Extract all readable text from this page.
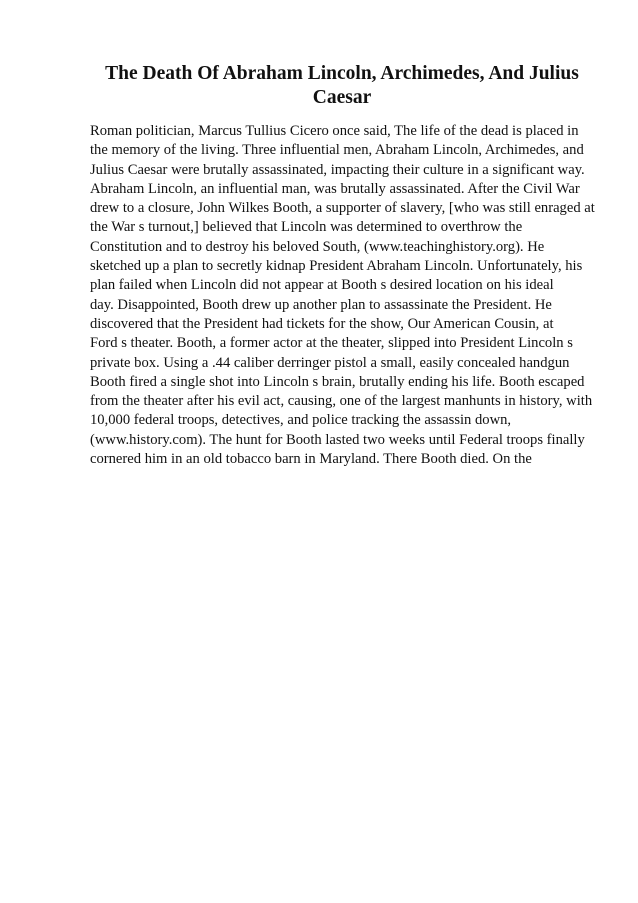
The Death Of Abraham Lincoln, Archimedes, And Julius
Caesar
Roman politician, Marcus Tullius Cicero once said, The life of the dead is placed in
the memory of the living. Three influential men, Abraham Lincoln, Archimedes, and
Julius Caesar were brutally assassinated, impacting their culture in a significant way.
Abraham Lincoln, an influential man, was brutally assassinated. After the Civil War
drew to a closure, John Wilkes Booth, a supporter of slavery, [who was still enraged at
the War s turnout,] believed that Lincoln was determined to overthrow the
Constitution and to destroy his beloved South, (www.teachinghistory.org). He
sketched up a plan to secretly kidnap President Abraham Lincoln. Unfortunately, his
plan failed when Lincoln did not appear at Booth s desired location on his ideal
day. Disappointed, Booth drew up another plan to assassinate the President. He
discovered that the President had tickets for the show, Our American Cousin, at
Ford s theater. Booth, a former actor at the theater, slipped into President Lincoln s
private box. Using a .44 caliber derringer pistol a small, easily concealed handgun
Booth fired a single shot into Lincoln s brain, brutally ending his life. Booth escaped
from the theater after his evil act, causing, one of the largest manhunts in history, with
10,000 federal troops, detectives, and police tracking the assassin down,
(www.history.com). The hunt for Booth lasted two weeks until Federal troops finally
cornered him in an old tobacco barn in Maryland. There Booth died. On the
